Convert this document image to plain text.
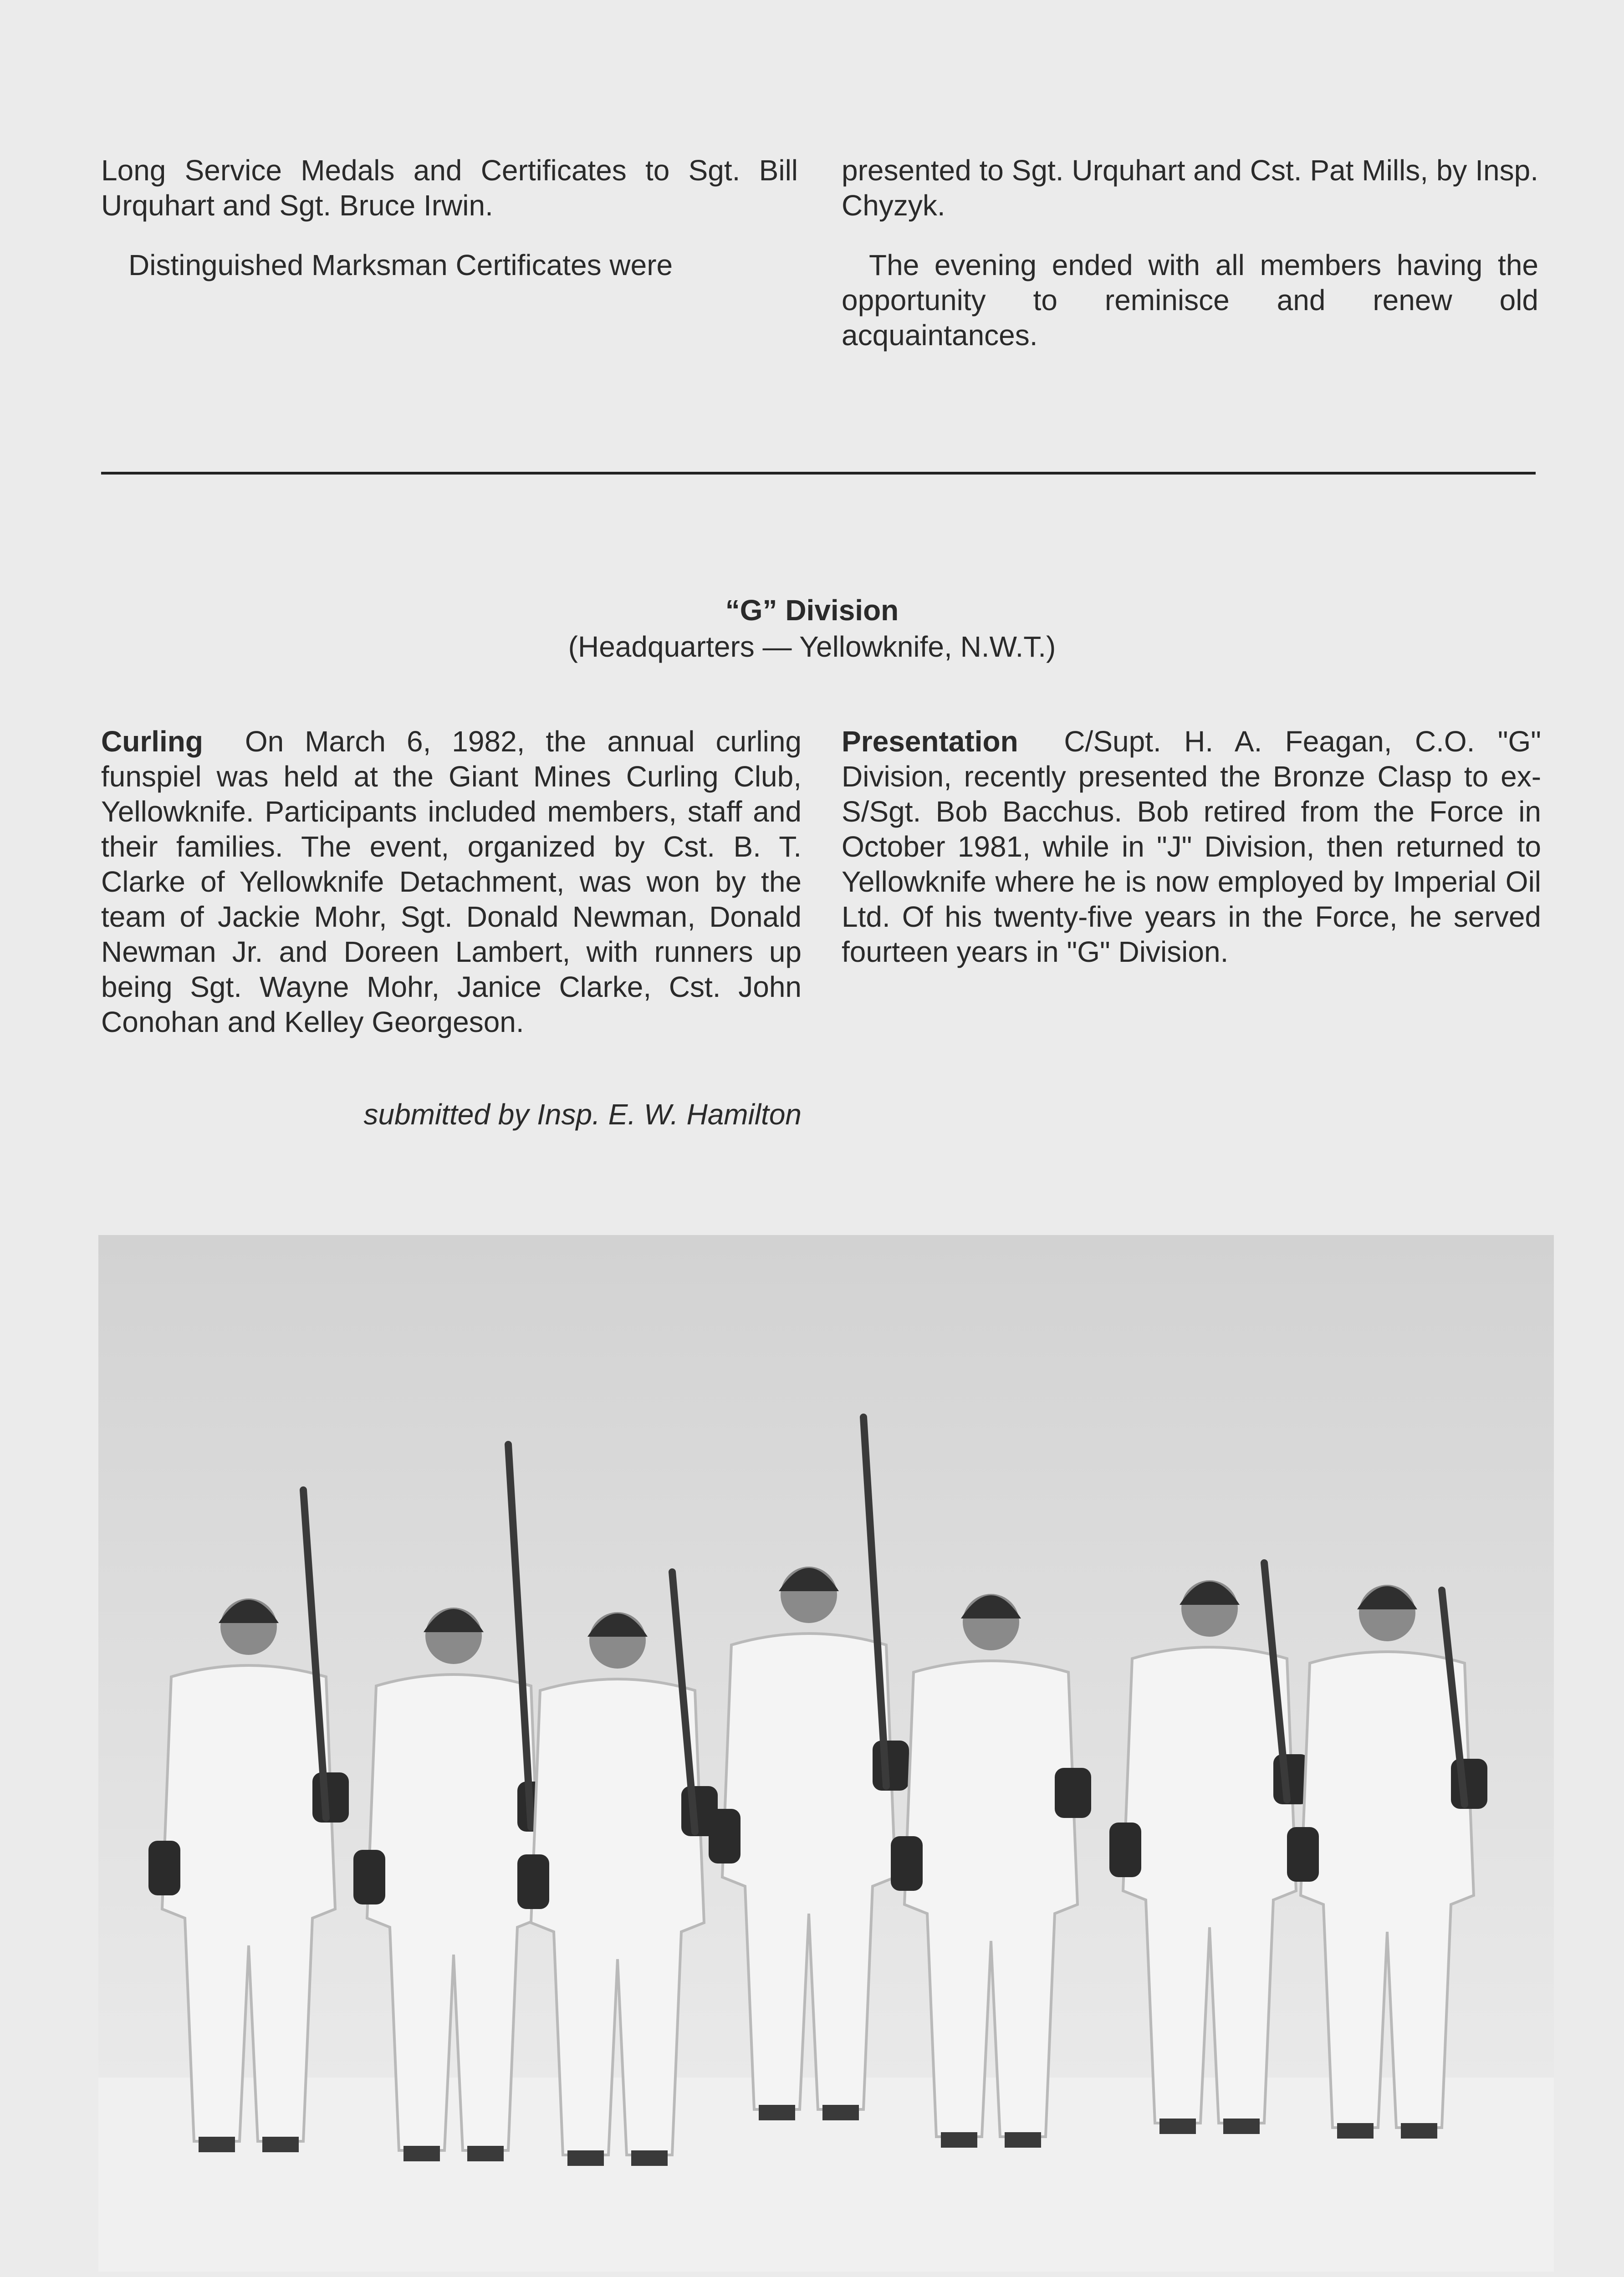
Long Service Medals and Certificates to Sgt. Bill Urquhart and Sgt. Bruce Irwin.

Distinguished Marksman Certificates were

presented to Sgt. Urquhart and Cst. Pat Mills, by Insp. Chyzyk.

The evening ended with all members having the opportunity to reminisce and renew old acquaintances.

“G” Division
(Headquarters — Yellowknife, N.W.T.)

Curling On March 6, 1982, the annual curling funspiel was held at the Giant Mines Curling Club, Yellowknife. Participants included members, staff and their families. The event, organized by Cst. B. T. Clarke of Yellowknife Detachment, was won by the team of Jackie Mohr, Sgt. Donald Newman, Donald Newman Jr. and Doreen Lambert, with runners up being Sgt. Wayne Mohr, Janice Clarke, Cst. John Conohan and Kelley Georgeson.

submitted by Insp. E. W. Hamilton

Presentation C/Supt. H. A. Feagan, C.O. "G" Division, recently presented the Bronze Clasp to ex-S/Sgt. Bob Bacchus. Bob retired from the Force in October 1981, while in "J" Division, then returned to Yellowknife where he is now employed by Imperial Oil Ltd. Of his twenty-five years in the Force, he served fourteen years in "G" Division.
